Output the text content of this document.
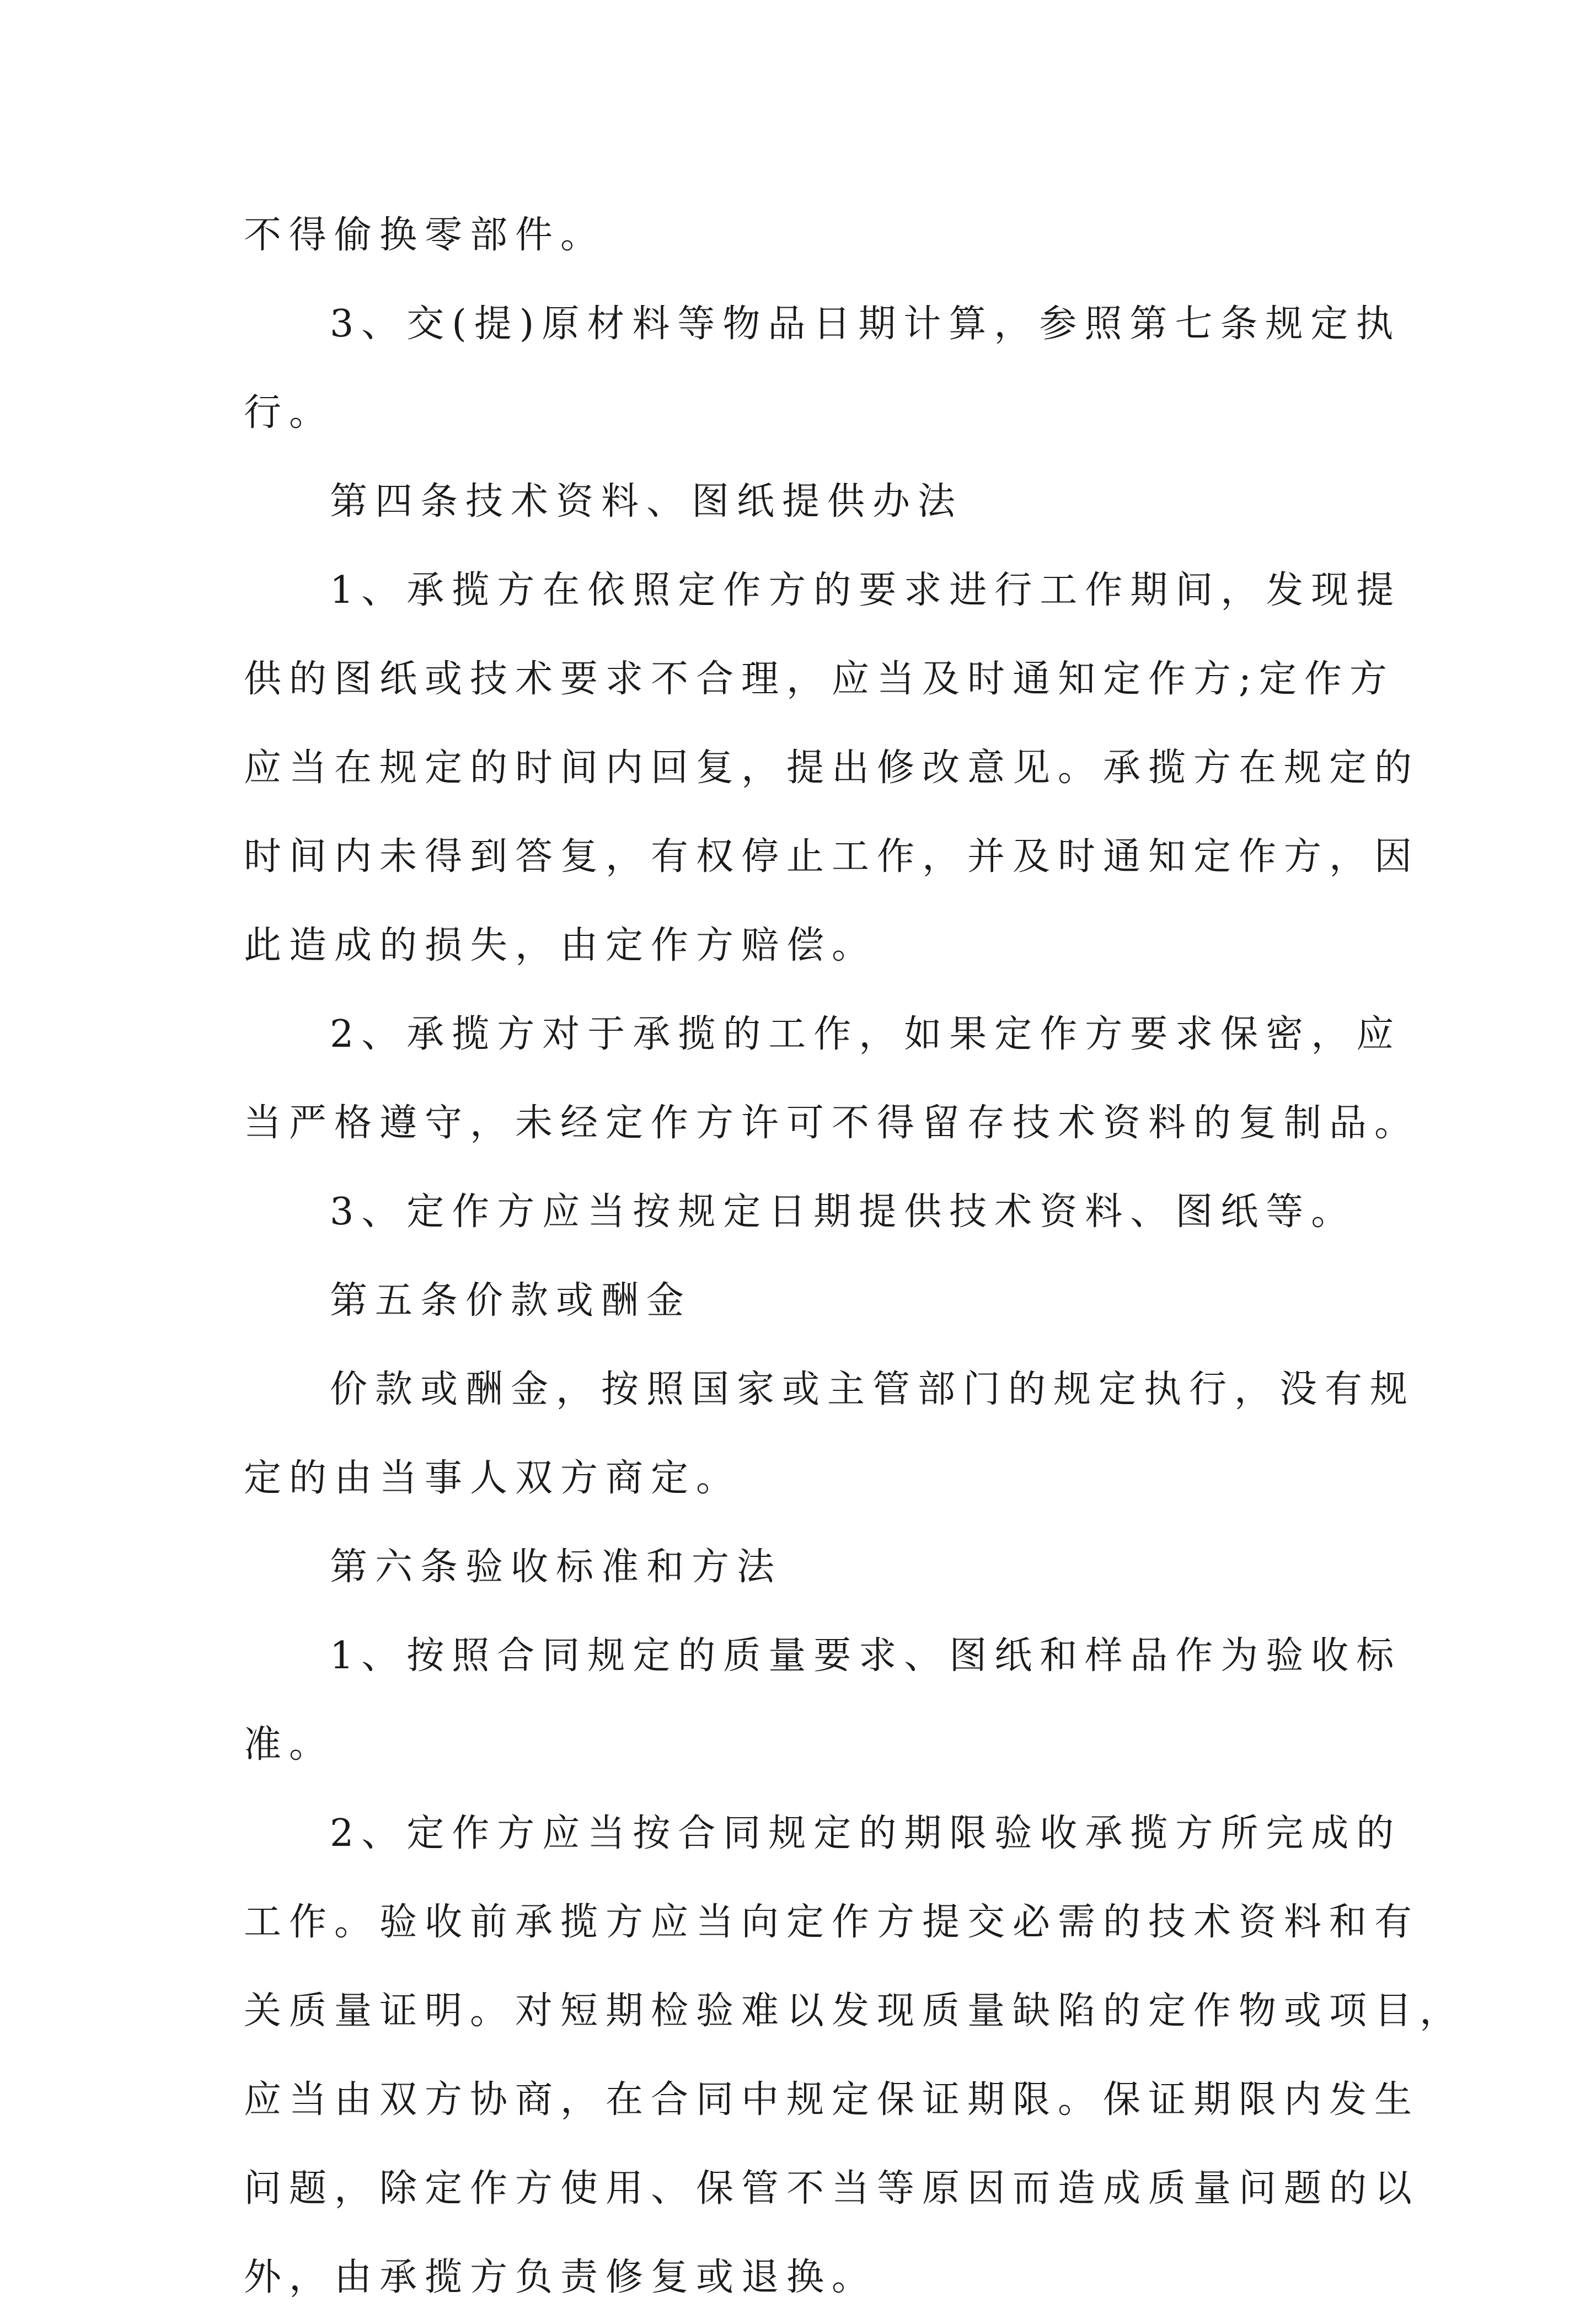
不得偷换零部件。
3、交(提)原材料等物品日期计算，参照第七条规定执
行。
第四条技术资料、图纸提供办法
1、承揽方在依照定作方的要求进行工作期间，发现提
供的图纸或技术要求不合理，应当及时通知定作方;定作方
应当在规定的时间内回复，提出修改意见。承揽方在规定的
时间内未得到答复，有权停止工作，并及时通知定作方，因
此造成的损失，由定作方赔偿。
2、承揽方对于承揽的工作，如果定作方要求保密，应
当严格遵守，未经定作方许可不得留存技术资料的复制品。
3、定作方应当按规定日期提供技术资料、图纸等。
第五条价款或酬金
价款或酬金，按照国家或主管部门的规定执行，没有规
定的由当事人双方商定。
第六条验收标准和方法
1、按照合同规定的质量要求、图纸和样品作为验收标
准。
2、定作方应当按合同规定的期限验收承揽方所完成的
工作。验收前承揽方应当向定作方提交必需的技术资料和有
关质量证明。对短期检验难以发现质量缺陷的定作物或项目，
应当由双方协商，在合同中规定保证期限。保证期限内发生
问题，除定作方使用、保管不当等原因而造成质量问题的以
外，由承揽方负责修复或退换。
